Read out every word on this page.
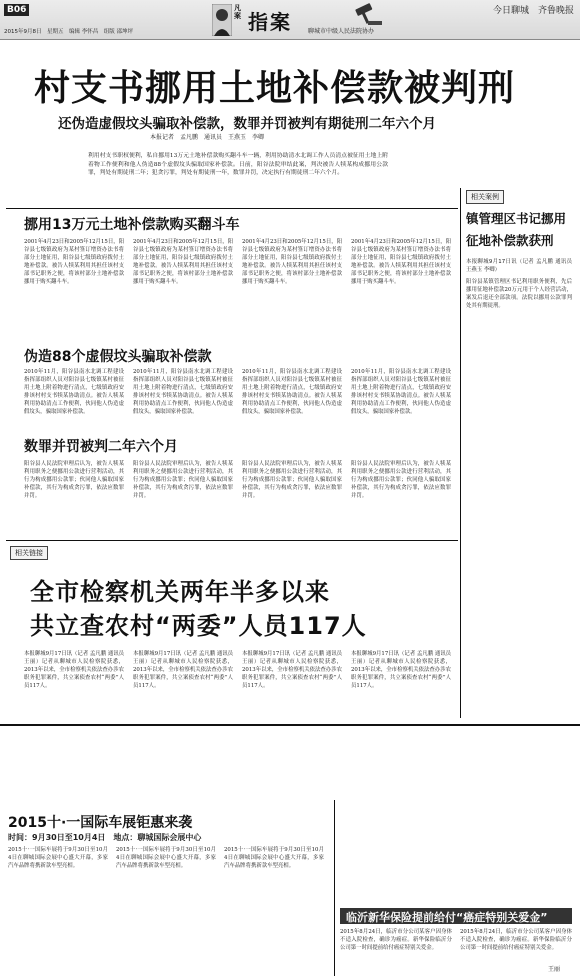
B06
2015年9月8日　星期五　编辑 李怀昌　组版 邵坤坪
凡案 指案	聊城市中级人民法院协办
今日聊城　齐鲁晚报
村支书挪用土地补偿款被判刑
还伪造虚假坟头骗取补偿款，数罪并罚被判有期徒刑二年六个月
本报记者　孟凡鹏　通讯员　王燕玉　李卿
利用村支书职权便利，私自挪用13万元土地补偿款购买翻斗车一辆，利用协助清水北调工作人员清点被征用土地上附着物工作便利和他人伪造88个虚假坟头骗取国家补偿款。日前，阳谷法院审结此案，判决被告人犊某构成挪用公款罪，判处有期徒刑二年；犯贪污罪，判处有期徒刑一年，数罪并罚，决定执行有期徒刑二年六个月。
挪用13万元土地补偿款购买翻斗车
2001年4月23日和2005年12月15日，阳谷县七级镇政府为某村签订增资办法书将部分土地征用，阳谷县七级镇政府拨付土地补偿款。被告人犊某利用其担任该村支部书记职务之便，将该村部分土地补偿款挪用于购买翻斗车。
2001年4月23日和2005年12月15日，阳谷县七级镇政府为某村签订增资办法书将部分土地征用，阳谷县七级镇政府拨付土地补偿款。被告人犊某利用其担任该村支部书记职务之便，将该村部分土地补偿款挪用于购买翻斗车。
2001年4月23日和2005年12月15日，阳谷县七级镇政府为某村签订增资办法书将部分土地征用，阳谷县七级镇政府拨付土地补偿款。被告人犊某利用其担任该村支部书记职务之便，将该村部分土地补偿款挪用于购买翻斗车。
2001年4月23日和2005年12月15日，阳谷县七级镇政府为某村签订增资办法书将部分土地征用，阳谷县七级镇政府拨付土地补偿款。被告人犊某利用其担任该村支部书记职务之便，将该村部分土地补偿款挪用于购买翻斗车。
伪造88个虚假坟头骗取补偿款
2010年11月，阳谷县南水北调工程建设指挥部组织人员对阳谷县七级镇某村被征用土地上附着物进行清点，七级镇政府安排该村村支书犊某协助清点。被告人犊某利用协助清点工作便利，伙同他人伪造虚假坟头，骗取国家补偿款。
2010年11月，阳谷县南水北调工程建设指挥部组织人员对阳谷县七级镇某村被征用土地上附着物进行清点，七级镇政府安排该村村支书犊某协助清点。被告人犊某利用协助清点工作便利，伙同他人伪造虚假坟头，骗取国家补偿款。
2010年11月，阳谷县南水北调工程建设指挥部组织人员对阳谷县七级镇某村被征用土地上附着物进行清点，七级镇政府安排该村村支书犊某协助清点。被告人犊某利用协助清点工作便利，伙同他人伪造虚假坟头，骗取国家补偿款。
2010年11月，阳谷县南水北调工程建设指挥部组织人员对阳谷县七级镇某村被征用土地上附着物进行清点，七级镇政府安排该村村支书犊某协助清点。被告人犊某利用协助清点工作便利，伙同他人伪造虚假坟头，骗取国家补偿款。
数罪并罚被判二年六个月
阳谷县人民法院审理后认为，被告人犊某利用职务之便挪用公款进行营利活动，其行为构成挪用公款罪；伙同他人骗取国家补偿款，其行为构成贪污罪，依法应数罪并罚。
阳谷县人民法院审理后认为，被告人犊某利用职务之便挪用公款进行营利活动，其行为构成挪用公款罪；伙同他人骗取国家补偿款，其行为构成贪污罪，依法应数罪并罚。
阳谷县人民法院审理后认为，被告人犊某利用职务之便挪用公款进行营利活动，其行为构成挪用公款罪；伙同他人骗取国家补偿款，其行为构成贪污罪，依法应数罪并罚。
阳谷县人民法院审理后认为，被告人犊某利用职务之便挪用公款进行营利活动，其行为构成挪用公款罪；伙同他人骗取国家补偿款，其行为构成贪污罪，依法应数罪并罚。
相关案例
镇管理区书记挪用征地补偿款获刑
本报聊城9月17日讯（记者 孟凡鹏 通讯员 王燕玉 李卿）
阳谷县某镇管理区书记利用职务便利，先后挪用征地补偿款20万元用于个人经营活动，案发后退还全部款项。法院以挪用公款罪判处其有期徒刑。
相关链接
全市检察机关两年半多以来
共立查农村“两委”人员117人
本报聊城9月17日讯（记者 孟凡鹏 通讯员 王丽）记者从聊城市人民检察院获悉，2013年以来，全市检察机关依法查办涉农职务犯罪案件，共立案侦查农村“两委”人员117人。
本报聊城9月17日讯（记者 孟凡鹏 通讯员 王丽）记者从聊城市人民检察院获悉，2013年以来，全市检察机关依法查办涉农职务犯罪案件，共立案侦查农村“两委”人员117人。
本报聊城9月17日讯（记者 孟凡鹏 通讯员 王丽）记者从聊城市人民检察院获悉，2013年以来，全市检察机关依法查办涉农职务犯罪案件，共立案侦查农村“两委”人员117人。
本报聊城9月17日讯（记者 孟凡鹏 通讯员 王丽）记者从聊城市人民检察院获悉，2013年以来，全市检察机关依法查办涉农职务犯罪案件，共立案侦查农村“两委”人员117人。
2015十·一国际车展钜惠来袭
时间：9月30日至10月4日　地点：聊城国际会展中心
2015十·一国际车展将于9月30日至10月4日在聊城国际会展中心盛大开幕，多家汽车品牌将携新款车型亮相。
2015十·一国际车展将于9月30日至10月4日在聊城国际会展中心盛大开幕，多家汽车品牌将携新款车型亮相。
2015十·一国际车展将于9月30日至10月4日在聊城国际会展中心盛大开幕，多家汽车品牌将携新款车型亮相。
临沂新华保险提前给付“癌症特别关爱金”
2015年8月24日，临沂市分公司某客户因身体不适入院检查，确诊为癌症。新华保险临沂分公司第一时间提前给付癌症特别关爱金。
2015年8月24日，临沂市分公司某客户因身体不适入院检查，确诊为癌症。新华保险临沂分公司第一时间提前给付癌症特别关爱金。
王丽
